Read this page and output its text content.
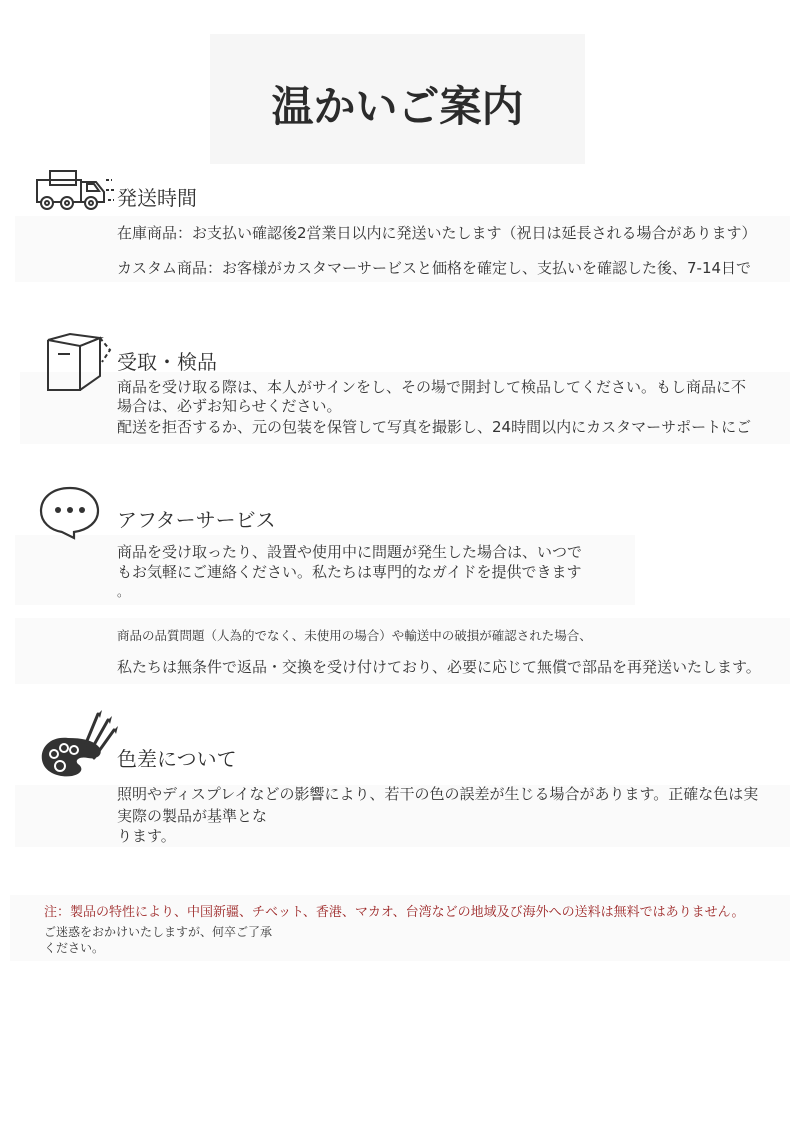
温かいご案内
発送時間
在庫商品：お支払い確認後2営業日以内に発送いたします（祝日は延長される場合があります）
カスタム商品：お客様がカスタマーサービスと価格を確定し、支払いを確認した後、7-14日で
受取・検品
商品を受け取る際は、本人がサインをし、その場で開封して検品してください。もし商品に不
場合は、必ずお知らせください。
配送を拒否するか、元の包装を保管して写真を撮影し、24時間以内にカスタマーサポートにご
アフターサービス
商品を受け取ったり、設置や使用中に問題が発生した場合は、いつで
もお気軽にご連絡ください。私たちは専門的なガイドを提供できます
。
商品の品質問題（人為的でなく、未使用の場合）や輸送中の破損が確認された場合、
私たちは無条件で返品・交換を受け付けており、必要に応じて無償で部品を再発送いたします。
色差について
照明やディスプレイなどの影響により、若干の色の誤差が生じる場合があります。正確な色は実
実際の製品が基準とな
ります。
注：製品の特性により、中国新疆、チベット、香港、マカオ、台湾などの地域及び海外への送料は無料ではありません。
ご迷惑をおかけいたしますが、何卒ご了承ください。
